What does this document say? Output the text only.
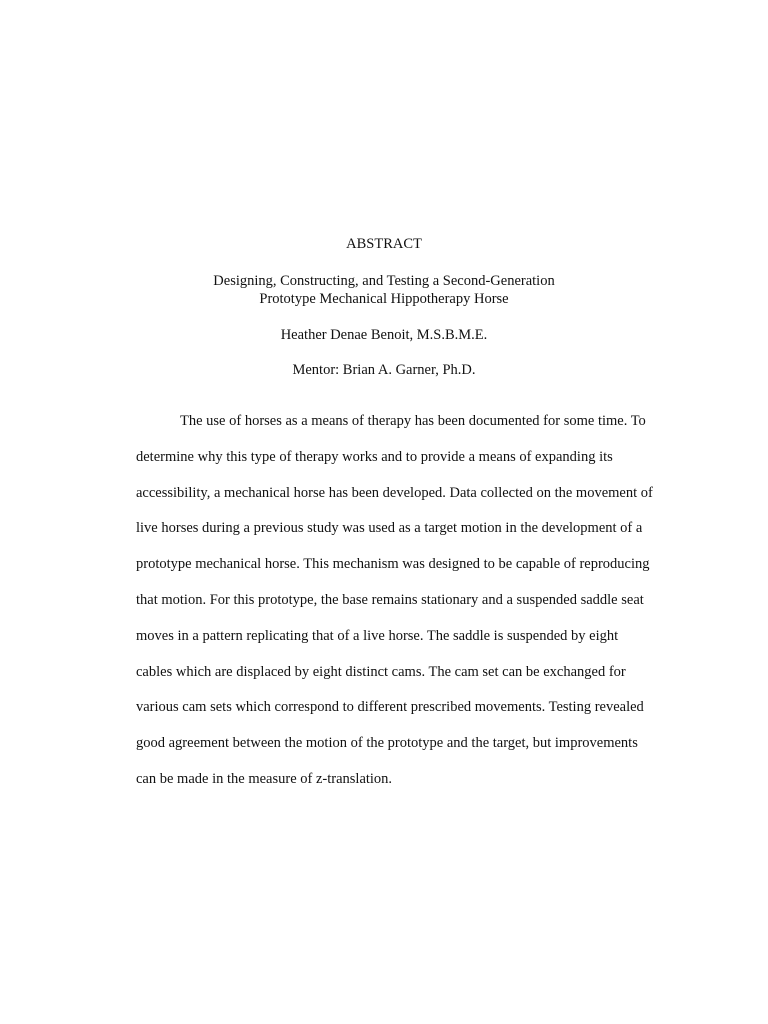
ABSTRACT
Designing, Constructing, and Testing a Second-Generation
Prototype Mechanical Hippotherapy Horse
Heather Denae Benoit, M.S.B.M.E.
Mentor: Brian A. Garner, Ph.D.
The use of horses as a means of therapy has been documented for some time. To
determine why this type of therapy works and to provide a means of expanding its
accessibility, a mechanical horse has been developed. Data collected on the movement of
live horses during a previous study was used as a target motion in the development of a
prototype mechanical horse. This mechanism was designed to be capable of reproducing
that motion. For this prototype, the base remains stationary and a suspended saddle seat
moves in a pattern replicating that of a live horse. The saddle is suspended by eight
cables which are displaced by eight distinct cams. The cam set can be exchanged for
various cam sets which correspond to different prescribed movements. Testing revealed
good agreement between the motion of the prototype and the target, but improvements
can be made in the measure of z-translation.
